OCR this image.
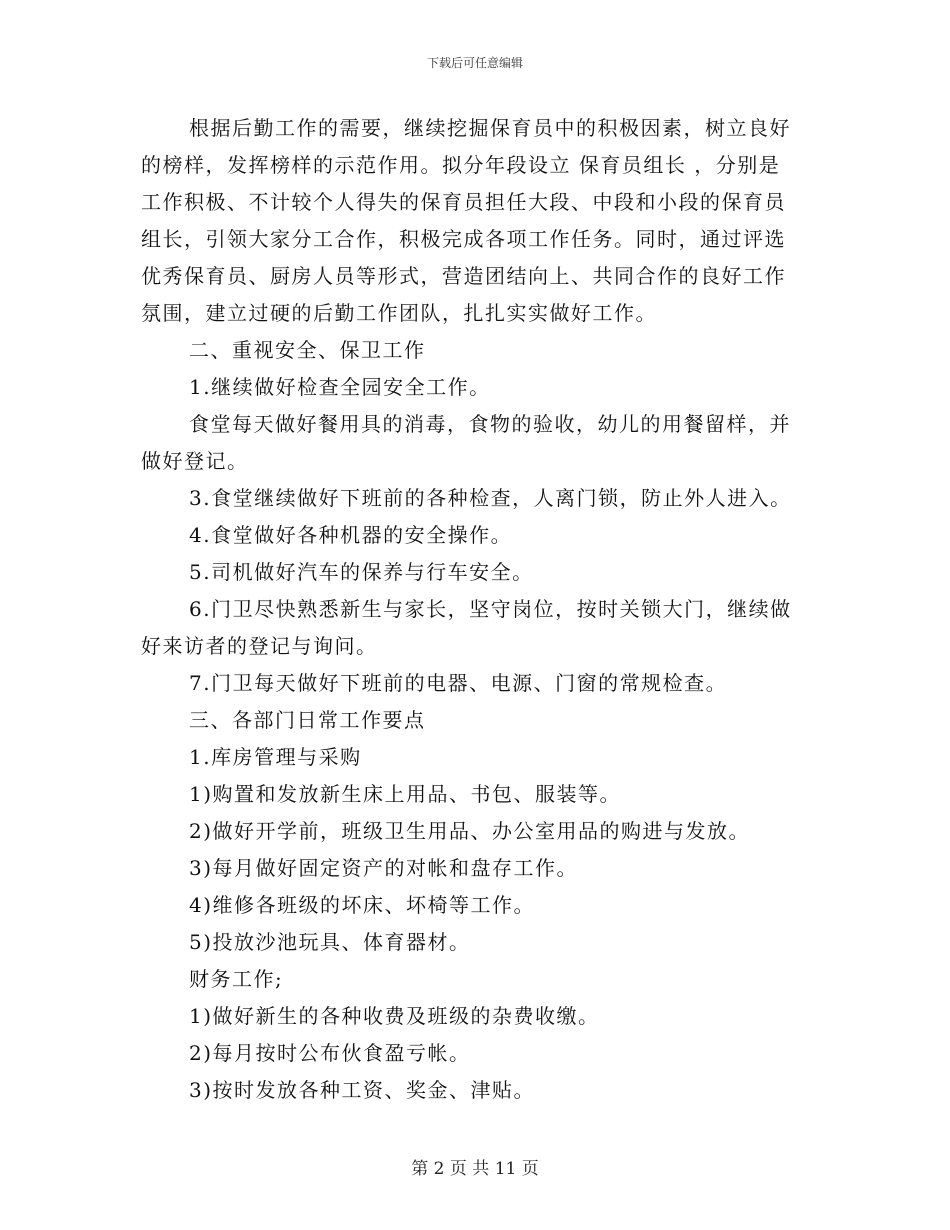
下载后可任意编辑
根据后勤工作的需要，继续挖掘保育员中的积极因素，树立良好
的榜样，发挥榜样的示范作用。拟分年段设立 保育员组长 ，分别是
工作积极、不计较个人得失的保育员担任大段、中段和小段的保育员
组长，引领大家分工合作，积极完成各项工作任务。同时，通过评选
优秀保育员、厨房人员等形式，营造团结向上、共同合作的良好工作
氛围，建立过硬的后勤工作团队，扎扎实实做好工作。
二、重视安全、保卫工作
1.继续做好检查全园安全工作。
食堂每天做好餐用具的消毒，食物的验收，幼儿的用餐留样，并
做好登记。
3.食堂继续做好下班前的各种检查，人离门锁，防止外人进入。
4.食堂做好各种机器的安全操作。
5.司机做好汽车的保养与行车安全。
6.门卫尽快熟悉新生与家长，坚守岗位，按时关锁大门，继续做
好来访者的登记与询问。
7.门卫每天做好下班前的电器、电源、门窗的常规检查。
三、各部门日常工作要点
1.库房管理与采购
1)购置和发放新生床上用品、书包、服装等。
2)做好开学前，班级卫生用品、办公室用品的购进与发放。
3)每月做好固定资产的对帐和盘存工作。
4)维修各班级的坏床、坏椅等工作。
5)投放沙池玩具、体育器材。
财务工作;
1)做好新生的各种收费及班级的杂费收缴。
2)每月按时公布伙食盈亏帐。
3)按时发放各种工资、奖金、津贴。
第 2 页 共 11 页
